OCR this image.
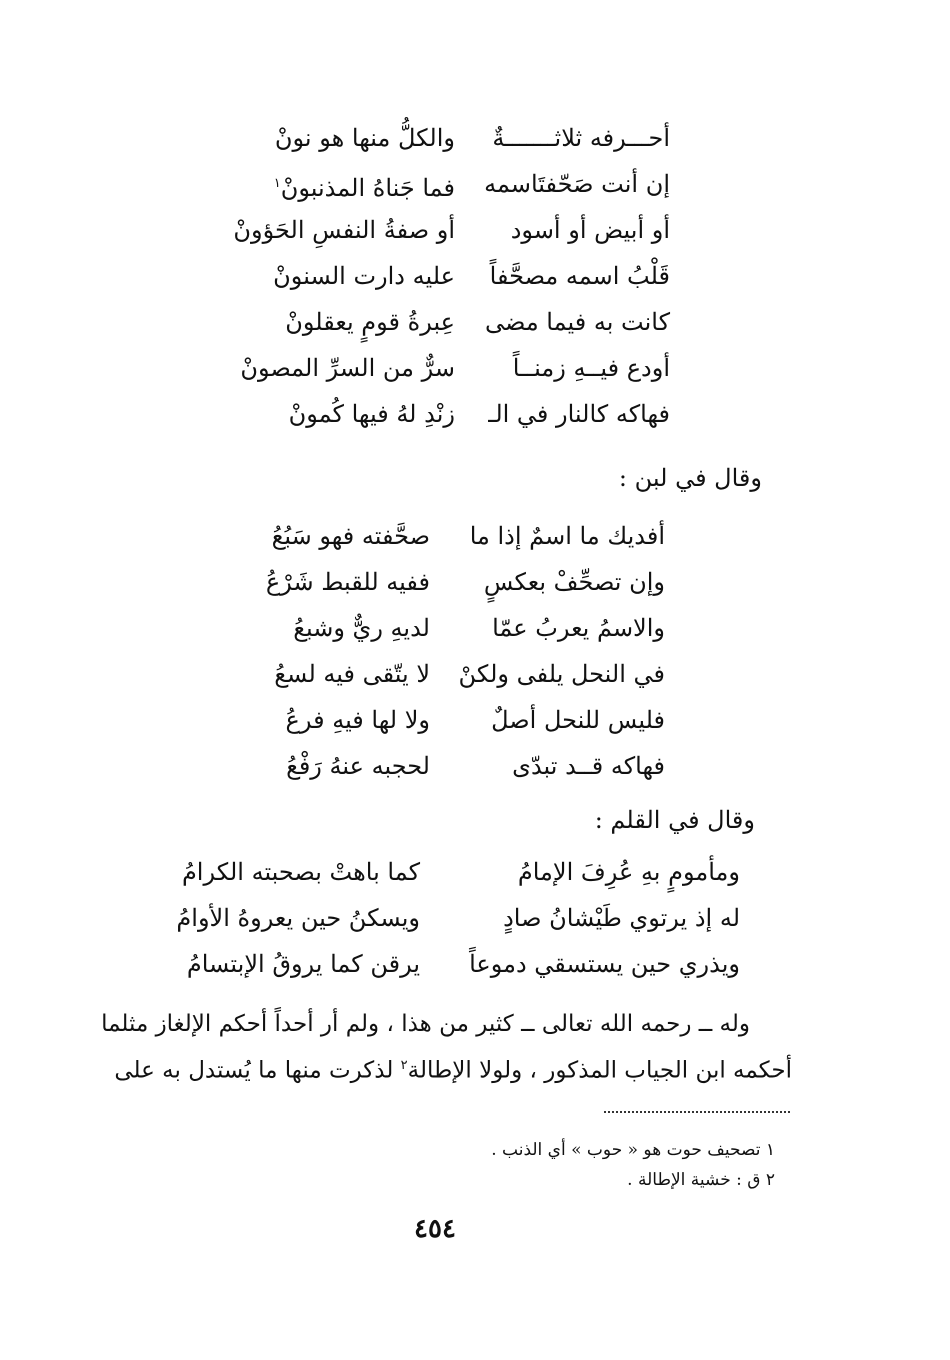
أحـــرفه ثلاثـــــــةٌ
والكلُّ منها هو نونْ
إن أنت صَحّفتَاسمه
فما جَناهُ المذنبونْ$^١$
أو أبيض أو أسود
أو صفةُ النفسِ الحَؤونْ
قَلْبُ اسمه مصحَّفاً
عليه دارت السنونْ
كانت به فيما مضى
عِبرةُ قومٍ يعقلونْ
أودع فيــهِ زمنــاً
سرٌّ من السرِّ المصونْ
فهاكه كالنار في الـ
زنْدِ لهُ فيها كُمونْ
وقال في لبن :
أفديك ما اسمٌ إذا ما
صحَّفته فهو سَبُعُ
وإن تصحِّفْ بعكسٍ
ففيه للقبط شَرْعُ
والاسمُ يعربُ عمّا
لديهِ ريٌّ وشبعُ
في النحل يلفى ولكنْ
لا يتّقى فيه لسعُ
فليس للنحل أصلٌ
ولا لها فيهِ فرعُ
فهاكه قــد تبدّى
لحجبه عنهُ رَفْعُ
وقال في القلم :
ومأمومٍ بهِ عُرِفَ الإمامُ
كما باهتْ بصحبته الكرامُ
له إذ يرتوي طَيْشانُ صادٍ
ويسكنُ حين يعروهُ الأوامُ
ويذري حين يستسقي دموعاً
يرقن كما يروقُ الإبتسامُ
وله ــ رحمه الله تعالى ــ كثير من هذا ، ولم أر أحداً أحكم الإلغاز مثلما
أحكمه ابن الجياب المذكور ، ولولا الإطالة$^٢$ لذكرت منها ما يُستدل به على
١ تصحيف حوت هو « حوب » أي الذنب .
٢ ق : خشية الإطالة .
٤٥٤
